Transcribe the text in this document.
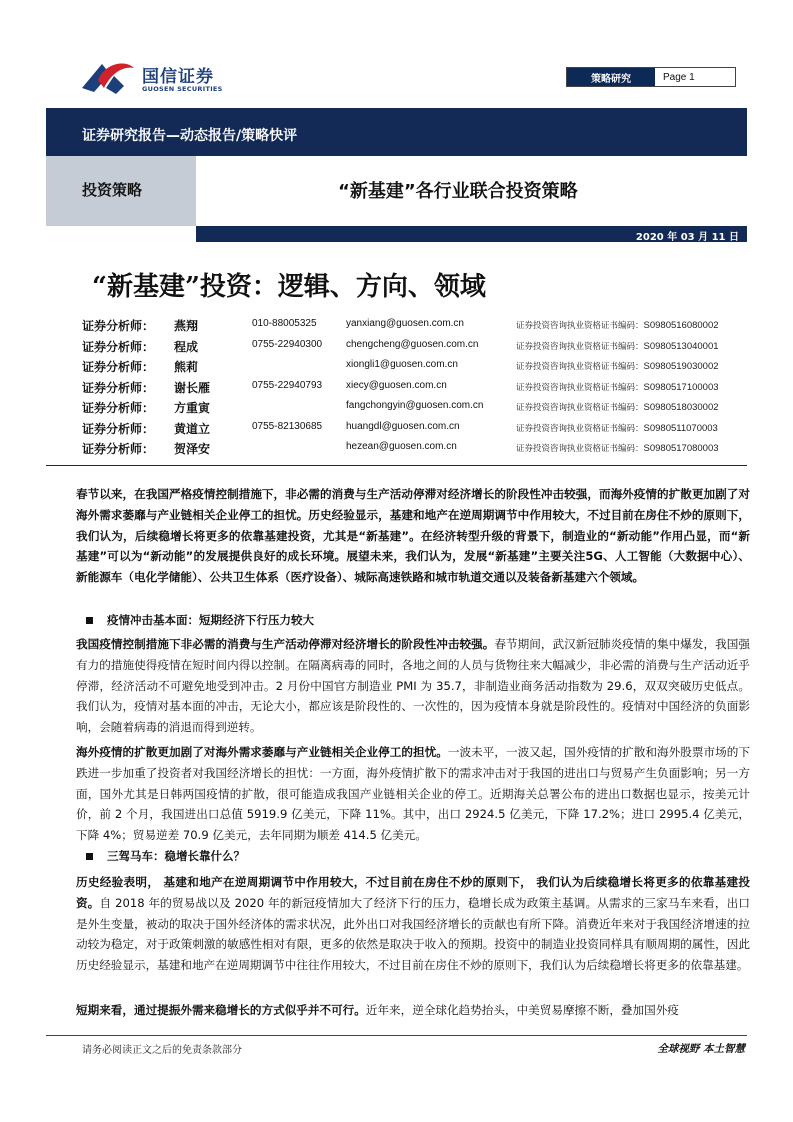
国信证券
GUOSEN SECURITIES
策略研究	Page 1
证券研究报告—动态报告/策略快评
投资策略	“新基建”各行业联合投资策略
2020 年 03 月 11 日
“新基建”投资：逻辑、方向、领域
证券分析师： 燕翔	010-88005325	yanxiang@guosen.com.cn	证券投资咨询执业资格证书编码：S0980516080002
证券分析师： 程成	0755-22940300 chengcheng@guosen.com.cn	证券投资咨询执业资格证书编码：S0980513040001
证券分析师： 熊莉	xiongli1@guosen.com.cn	证券投资咨询执业资格证书编码：S0980519030002
证券分析师： 谢长雁	0755-22940793 xiecy@guosen.com.cn	证券投资咨询执业资格证书编码：S0980517100003
证券分析师： 方重寅	fangchongyin@guosen.com.cn	证券投资咨询执业资格证书编码：S0980518030002
证券分析师： 黄道立	0755-82130685 huangdl@guosen.com.cn	证券投资咨询执业资格证书编码：S0980511070003
证券分析师： 贺泽安	hezean@guosen.com.cn	证券投资咨询执业资格证书编码：S0980517080003
春节以来，在我国严格疫情控制措施下，非必需的消费与生产活动停滞对经济增长的阶段性冲击较强，而海外疫情的扩散更加剧了对海外需求萎靡与产业链相关企业停工的担忧。历史经验显示，基建和地产在逆周期调节中作用较大，不过目前在房住不炒的原则下，我们认为，后续稳增长将更多的依靠基建投资，尤其是“新基建”。在经济转型升级的背景下，制造业的“新动能”作用凸显，而“新基建”可以为“新动能”的发展提供良好的成长环境。展望未来，我们认为，发展“新基建”主要关注5G、人工智能（大数据中心）、新能源车（电化学储能）、公共卫生体系（医疗设备）、城际高速铁路和城市轨道交通以及装备新基建六个领域。
疫情冲击基本面：短期经济下行压力较大
我国疫情控制措施下非必需的消费与生产活动停滞对经济增长的阶段性冲击较强。春节期间，武汉新冠肺炎疫情的集中爆发，我国强有力的措施使得疫情在短时间内得以控制。在隔离病毒的同时，各地之间的人员与货物往来大幅减少，非必需的消费与生产活动近乎停滞，经济活动不可避免地受到冲击。2 月份中国官方制造业 PMI 为 35.7，非制造业商务活动指数为 29.6，双双突破历史低点。我们认为，疫情对基本面的冲击，无论大小，都应该是阶段性的、一次性的，因为疫情本身就是阶段性的。疫情对中国经济的负面影响，会随着病毒的消退而得到逆转。
海外疫情的扩散更加剧了对海外需求萎靡与产业链相关企业停工的担忧。一波未平，一波又起，国外疫情的扩散和海外股票市场的下跌进一步加重了投资者对我国经济增长的担忧：一方面，海外疫情扩散下的需求冲击对于我国的进出口与贸易产生负面影响；另一方面，国外尤其是日韩两国疫情的扩散，很可能造成我国产业链相关企业的停工。近期海关总署公布的进出口数据也显示，按美元计价，前 2 个月，我国进出口总值 5919.9 亿美元，下降 11%。其中，出口 2924.5 亿美元，下降 17.2%；进口 2995.4 亿美元，下降 4%；贸易逆差 70.9 亿美元，去年同期为顺差 414.5 亿美元。
三驾马车：稳增长靠什么？
历史经验表明， 基建和地产在逆周期调节中作用较大，不过目前在房住不炒的原则下， 我们认为后续稳增长将更多的依靠基建投资。自 2018 年的贸易战以及 2020 年的新冠疫情加大了经济下行的压力，稳增长成为政策主基调。从需求的三家马车来看，出口是外生变量，被动的取决于国外经济体的需求状况，此外出口对我国经济增长的贡献也有所下降。消费近年来对于我国经济增速的拉动较为稳定，对于政策刺激的敏感性相对有限，更多的依然是取决于收入的预期。投资中的制造业投资同样具有顺周期的属性，因此历史经验显示，基建和地产在逆周期调节中往往作用较大，不过目前在房住不炒的原则下，我们认为后续稳增长将更多的依靠基建。
短期来看，通过提振外需来稳增长的方式似乎并不可行。近年来，逆全球化趋势抬头，中美贸易摩擦不断，叠加国外疫
请务必阅读正文之后的免责条款部分	全球视野 本土智慧
